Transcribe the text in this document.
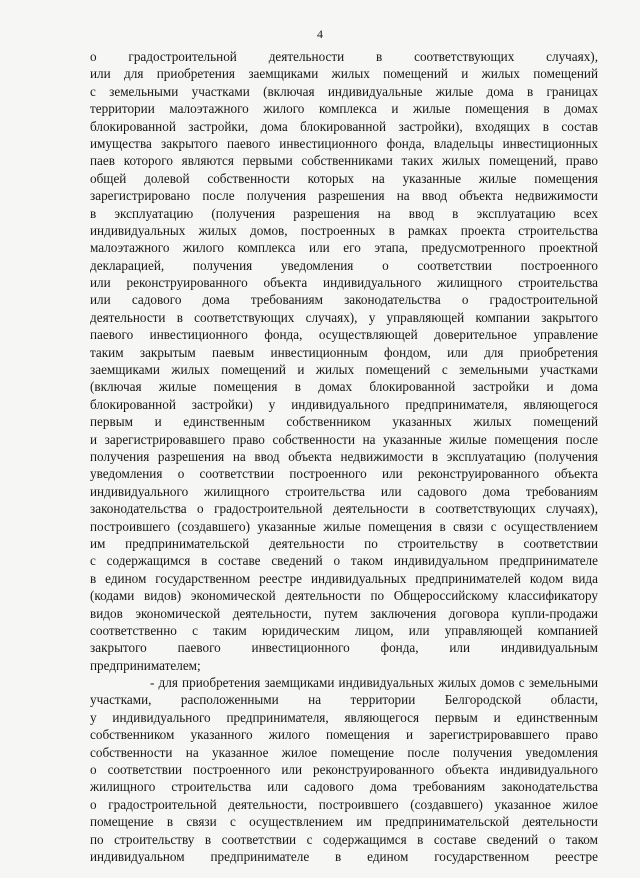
4
о градостроительной деятельности в соответствующих случаях),
или для приобретения заемщиками жилых помещений и жилых помещений
с земельными участками (включая индивидуальные жилые дома в границах
территории малоэтажного жилого комплекса и жилые помещения в домах
блокированной застройки, дома блокированной застройки), входящих в состав
имущества закрытого паевого инвестиционного фонда, владельцы инвестиционных
паев которого являются первыми собственниками таких жилых помещений, право
общей долевой собственности которых на указанные жилые помещения
зарегистрировано после получения разрешения на ввод объекта недвижимости
в эксплуатацию (получения разрешения на ввод в эксплуатацию всех
индивидуальных жилых домов, построенных в рамках проекта строительства
малоэтажного жилого комплекса или его этапа, предусмотренного проектной
декларацией, получения уведомления о соответствии построенного
или реконструированного объекта индивидуального жилищного строительства
или садового дома требованиям законодательства о градостроительной
деятельности в соответствующих случаях), у управляющей компании закрытого
паевого инвестиционного фонда, осуществляющей доверительное управление
таким закрытым паевым инвестиционным фондом, или для приобретения
заемщиками жилых помещений и жилых помещений с земельными участками
(включая жилые помещения в домах блокированной застройки и дома
блокированной застройки) у индивидуального предпринимателя, являющегося
первым и единственным собственником указанных жилых помещений
и зарегистрировавшего право собственности на указанные жилые помещения после
получения разрешения на ввод объекта недвижимости в эксплуатацию (получения
уведомления о соответствии построенного или реконструированного объекта
индивидуального жилищного строительства или садового дома требованиям
законодательства о градостроительной деятельности в соответствующих случаях),
построившего (создавшего) указанные жилые помещения в связи с осуществлением
им предпринимательской деятельности по строительству в соответствии
с содержащимся в составе сведений о таком индивидуальном предпринимателе
в едином государственном реестре индивидуальных предпринимателей кодом вида
(кодами видов) экономической деятельности по Общероссийскому классификатору
видов экономической деятельности, путем заключения договора купли-продажи
соответственно с таким юридическим лицом, или управляющей компанией
закрытого паевого инвестиционного фонда, или индивидуальным
предпринимателем;
- для приобретения заемщиками индивидуальных жилых домов с земельными
участками, расположенными на территории Белгородской области,
у индивидуального предпринимателя, являющегося первым и единственным
собственником указанного жилого помещения и зарегистрировавшего право
собственности на указанное жилое помещение после получения уведомления
о соответствии построенного или реконструированного объекта индивидуального
жилищного строительства или садового дома требованиям законодательства
о градостроительной деятельности, построившего (создавшего) указанное жилое
помещение в связи с осуществлением им предпринимательской деятельности
по строительству в соответствии с содержащимся в составе сведений о таком
индивидуальном предпринимателе в едином государственном реестре
